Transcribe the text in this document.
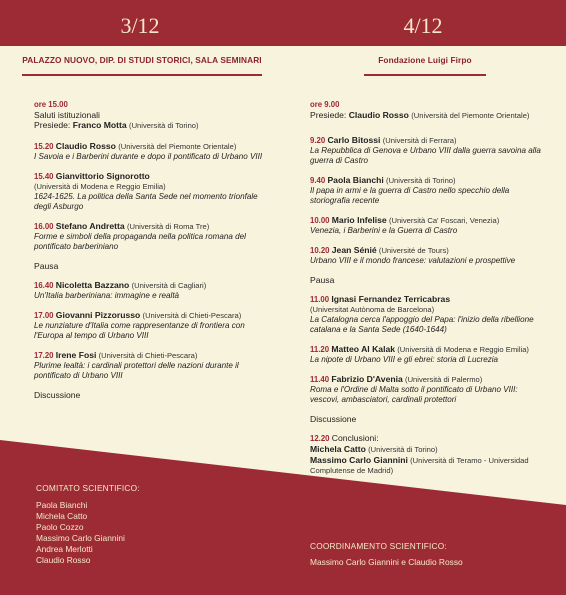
3/12	4/12
PALAZZO NUOVO, DIP. DI STUDI STORICI, SALA SEMINARI	Fondazione Luigi Firpo
ore 15.00
Saluti istituzionali
Presiede: Franco Motta (Università di Torino)
15.20 Claudio Rosso (Università del Piemonte Orientale)
I Savoia e i Barberini durante e dopo il pontificato di Urbano VIII
15.40 Gianvittorio Signorotto
(Università di Modena e Reggio Emilia)
1624-1625. La politica della Santa Sede nel momento trionfale degli Asburgo
16.00 Stefano Andretta (Università di Roma Tre)
Forme e simboli della propaganda nella politica romana del pontificato barberiniano
Pausa
16.40 Nicoletta Bazzano (Università di Cagliari)
Un'Italia barberiniana: immagine e realtà
17.00 Giovanni Pizzorusso (Università di Chieti-Pescara)
Le nunziature d'Italia come rappresentanze di frontiera con l'Europa al tempo di Urbano VIII
17.20 Irene Fosi (Università di Chieti-Pescara)
Plurime lealtà: i cardinali protettori delle nazioni durante il pontificato di Urbano VIII
Discussione
ore 9.00
Presiede: Claudio Rosso (Università del Piemonte Orientale)
9.20 Carlo Bitossi (Università di Ferrara)
La Repubblica di Genova e Urbano VIII dalla guerra savoina alla guerra di Castro
9.40 Paola Bianchi (Università di Torino)
Il papa in armi e la guerra di Castro nello specchio della storiografia recente
10.00 Mario Infelise (Università Ca' Foscari, Venezia)
Venezia, i Barberini e la Guerra di Castro
10.20 Jean Sénié (Université de Tours)
Urbano VIII e il mondo francese: valutazioni e prospettive
Pausa
11.00 Ignasi Fernandez Terricabras
(Universitat Autònoma de Barcelona)
La Catalogna cerca l'appoggio del Papa: l'inizio della ribellione catalana e la Santa Sede (1640-1644)
11.20 Matteo Al Kalak (Università di Modena e Reggio Emilia)
La nipote di Urbano VIII e gli ebrei: storia di Lucrezia
11.40 Fabrizio D'Avenia (Università di Palermo)
Roma e l'Ordine di Malta sotto il pontificato di Urbano VIII: vescovi, ambasciatori, cardinali protettori
Discussione
12.20 Conclusioni:
Michela Catto (Università di Torino)
Massimo Carlo Giannini (Università di Teramo - Universidad Complutense de Madrid)
COMITATO SCIENTIFICO:
Paola Bianchi
Michela Catto
Paolo Cozzo
Massimo Carlo Giannini
Andrea Merlotti
Claudio Rosso
COORDINAMENTO SCIENTIFICO:
Massimo Carlo Giannini e Claudio Rosso
